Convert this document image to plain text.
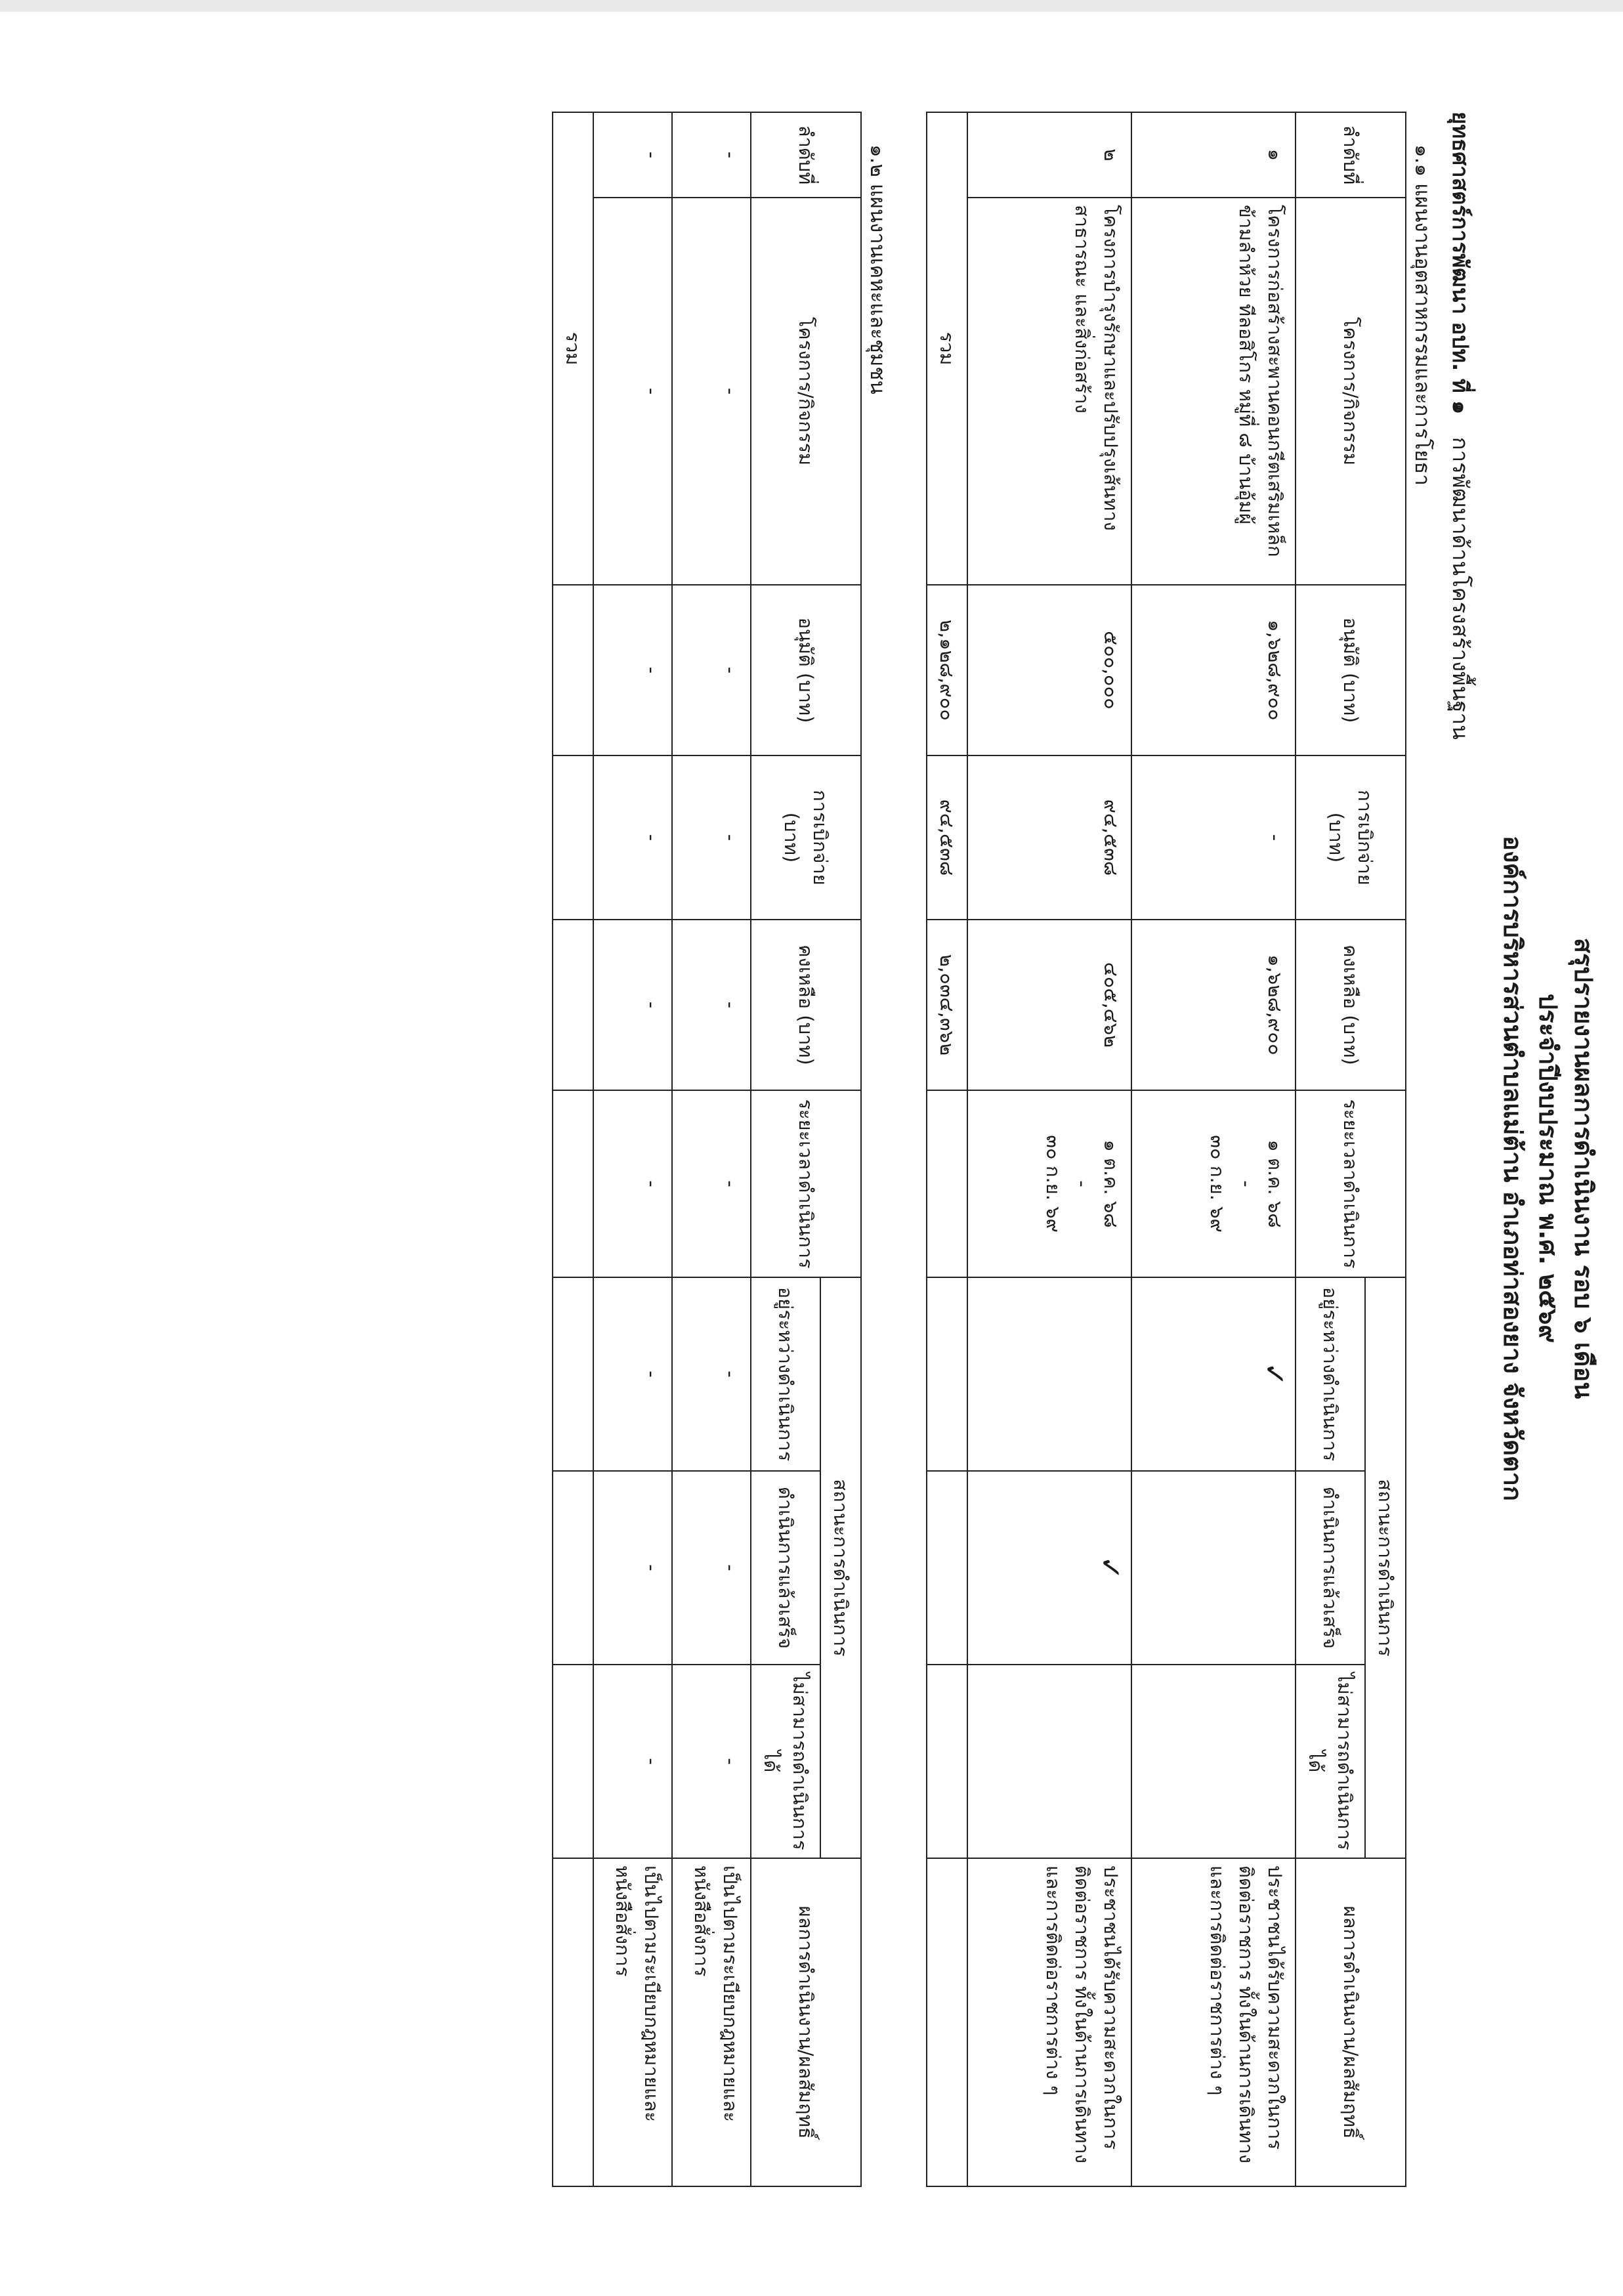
สรุปรายงานผลการดำเนินงาน รอบ ๖ เดือน
ประจำปีงบประมาณ พ.ศ. ๒๕๖๙
องค์การบริหารส่วนตำบลแม่ต้าน อำเภอท่าสองยาง จังหวัดตาก
ยุทธศาสตร์การพัฒนา อปท. ที่ ๑   การพัฒนาด้านโครงสร้างพื้นฐาน
๑.๑ แผนงานอุตสาหกรรมและการโยธา
ลำดับที่	โครงการ/กิจกรรม	อนุมัติ (บาท)	การเบิกจ่าย (บาท)	คงเหลือ (บาท)	ระยะเวลาดำเนินการ	สถานะการดำเนินการ			ผลการดำเนินงาน/ผลสัมฤทธิ์
						อยู่ระหว่างดำเนินการ	ดำเนินการแล้วเสร็จ	ไม่สามารถดำเนินการได้	
๑	โครงการก่อสร้างสะพานคอนกรีตเสริมเหล็กข้ามลำห้วย ทีลอสิโกร หมู่ที่ ๘ บ้านอุ้มผู้	๑,๖๒๘,๙๐๐	-	๑,๖๒๘,๙๐๐	๑ ต.ค. ๖๘
-
๓๐ ก.ย. ๖๙	✓			ประชาชนได้รับความสะดวกในการติดต่อราชการ ทั้งในด้านการเดินทางและการติดต่อราชการต่าง ๆ
๒	โครงการบำรุงรักษาและปรับปรุงเส้นทางสาธารณะ และสิ่งก่อสร้าง	๕๐๐,๐๐๐	๙๔,๕๓๘	๔๐๕,๔๖๒	๑ ต.ค. ๖๘
-
๓๐ ก.ย. ๖๙		✓		ประชาชนได้รับความสะดวกในการติดต่อราชการ ทั้งในด้านการเดินทางและการติดต่อราชการต่าง ๆ
รวม		๒,๑๒๘,๙๐๐	๙๔,๕๓๘	๒,๐๓๔,๓๖๒					
๑.๒ แผนงานเคหะและชุมชน
ลำดับที่	โครงการ/กิจกรรม	อนุมัติ (บาท)	การเบิกจ่าย (บาท)	คงเหลือ (บาท)	ระยะเวลาดำเนินการ	สถานะการดำเนินการ			ผลการดำเนินงาน/ผลสัมฤทธิ์
						อยู่ระหว่างดำเนินการ	ดำเนินการแล้วเสร็จ	ไม่สามารถดำเนินการได้	
-	-	-	-	-	-	-	-	-	เป็นไปตามระเบียบกฎหมายและหนังสือสั่งการ
-	-	-	-	-	-	-	-	-	เป็นไปตามระเบียบกฎหมายและหนังสือสั่งการ
รวม									
